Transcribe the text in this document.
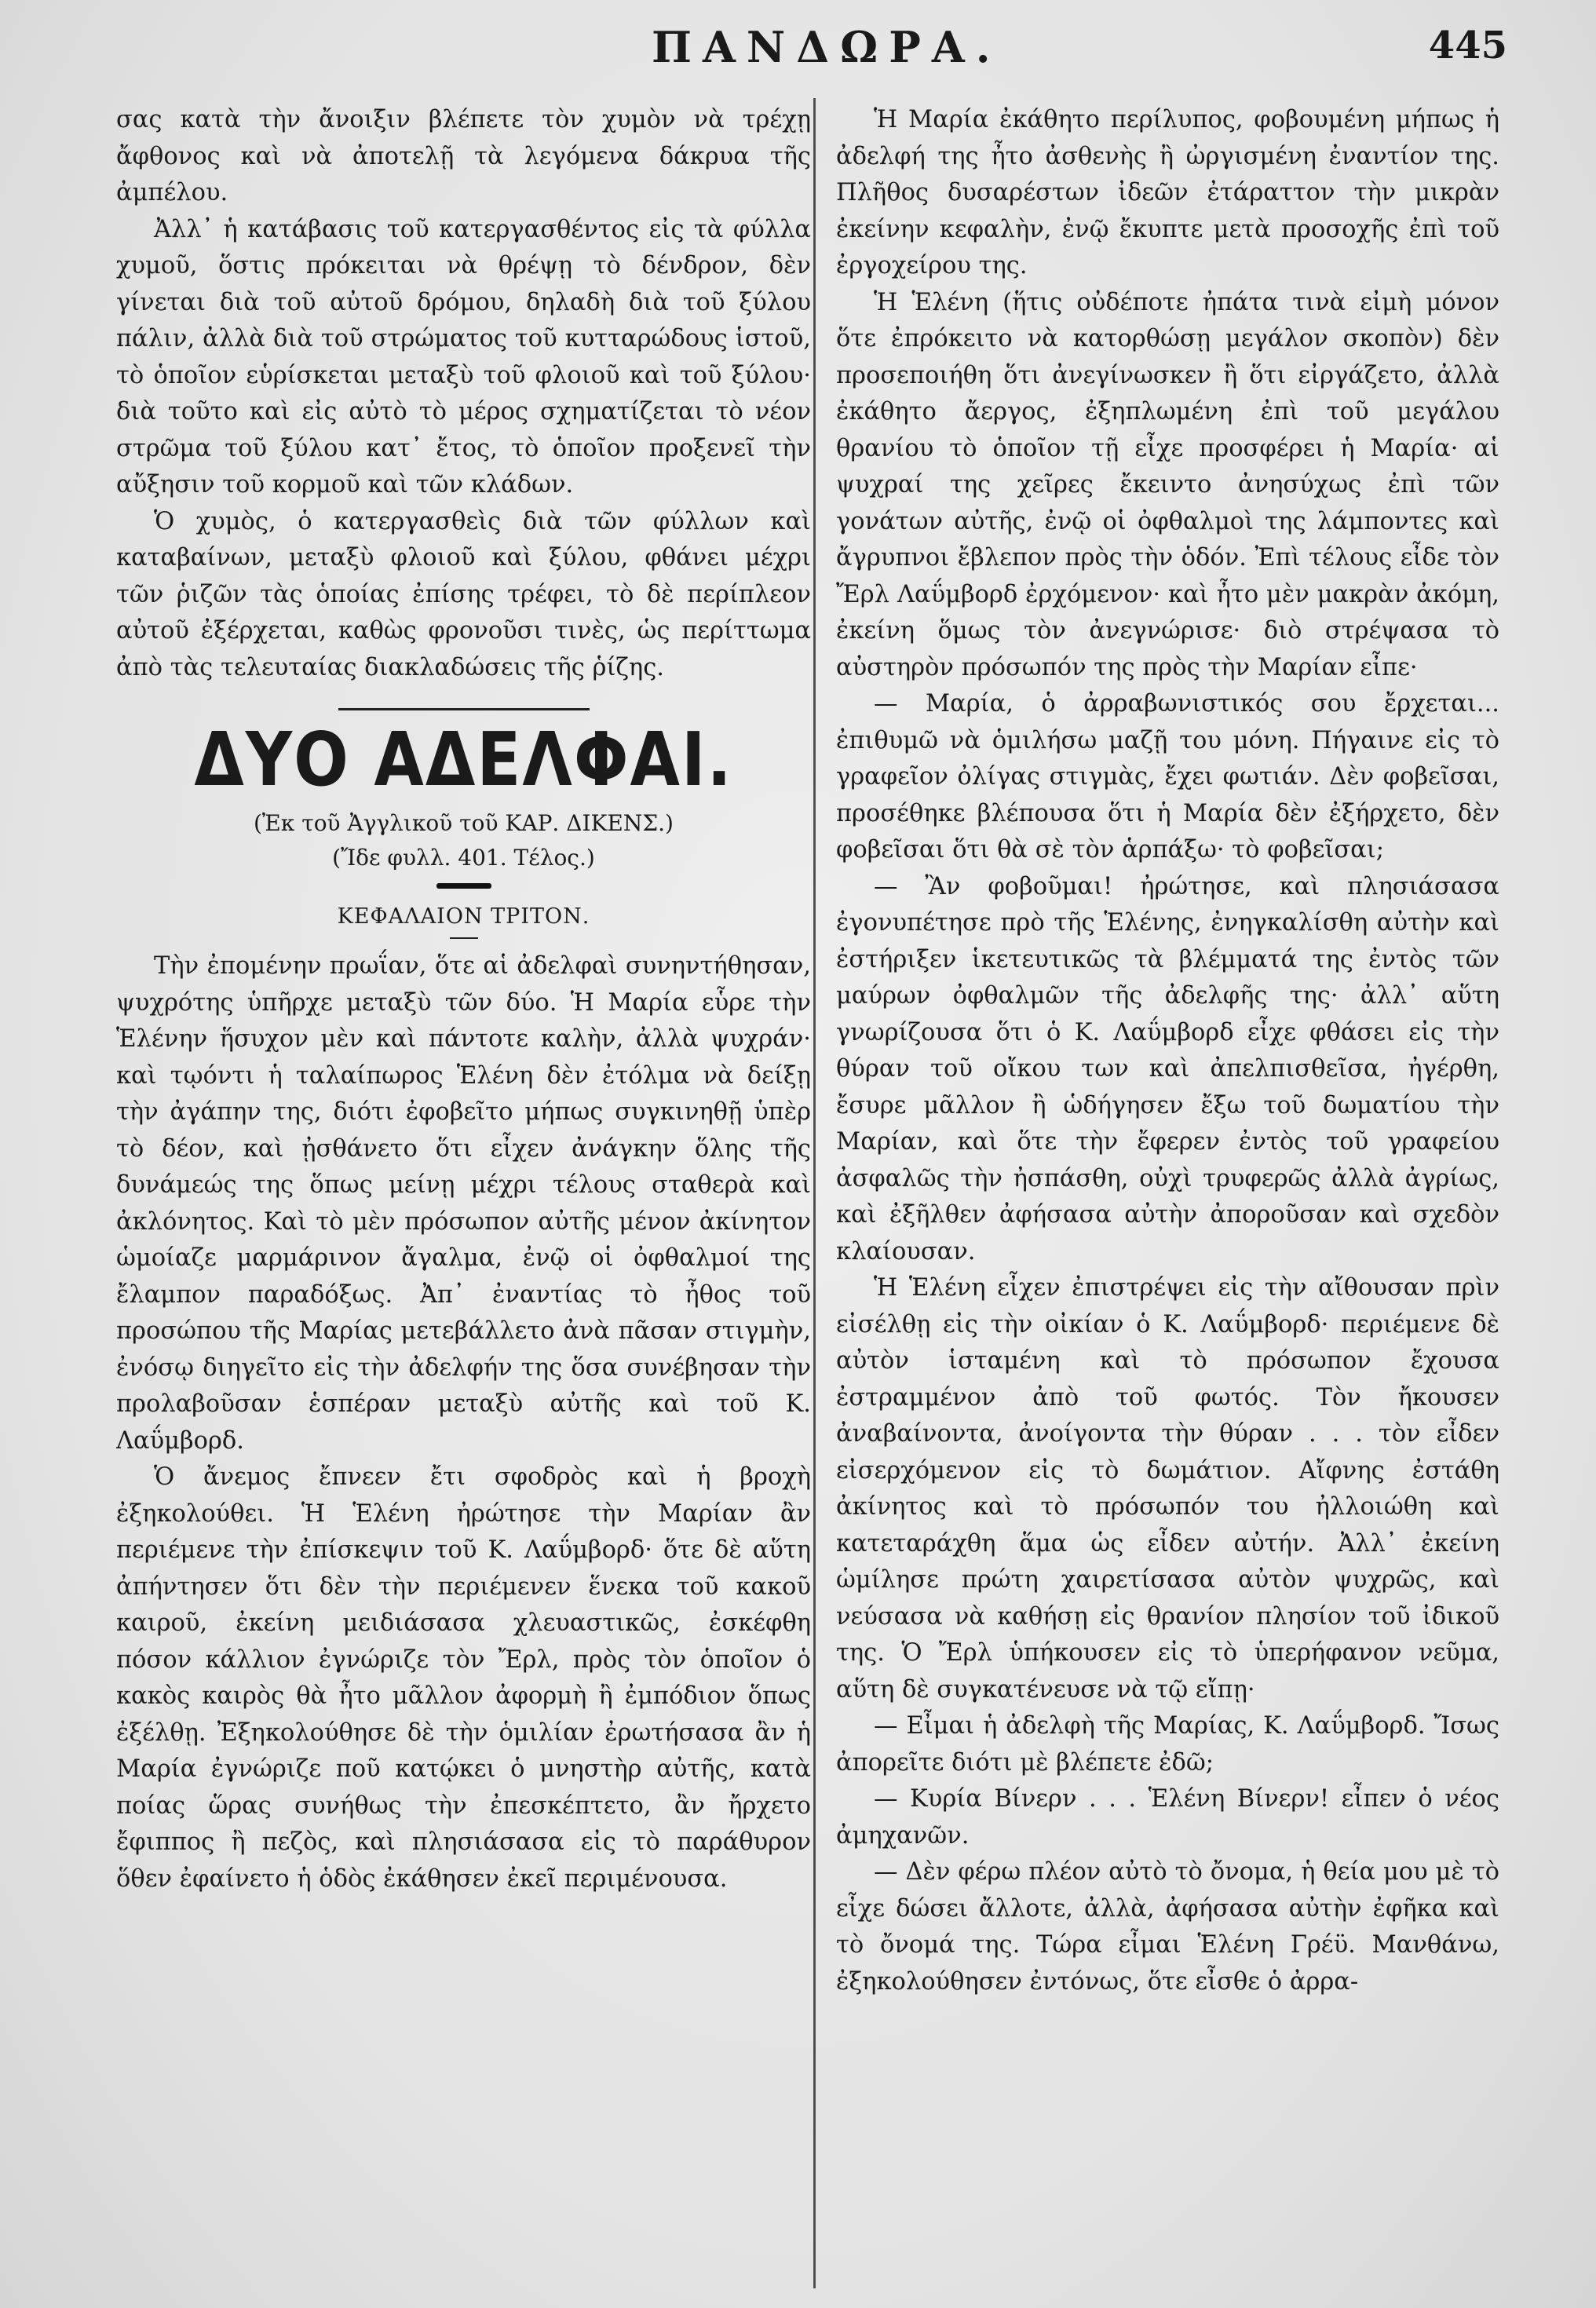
ΠΑΝΔΩΡΑ.	445

σας κατὰ τὴν ἄνοιξιν βλέπετε τὸν χυμὸν νὰ τρέχῃ ἄφθονος καὶ νὰ ἀποτελῇ τὰ λεγόμενα δάκρυα τῆς ἀμπέλου.

Ἀλλ᾿ ἡ κατάβασις τοῦ κατεργασθέντος εἰς τὰ φύλλα χυμοῦ, ὅστις πρόκειται νὰ θρέψῃ τὸ δένδρον, δὲν γίνεται διὰ τοῦ αὐτοῦ δρόμου, δηλαδὴ διὰ τοῦ ξύλου πάλιν, ἀλλὰ διὰ τοῦ στρώματος τοῦ κυτταρώδους ἱστοῦ, τὸ ὁποῖον εὑρίσκεται μεταξὺ τοῦ φλοιοῦ καὶ τοῦ ξύλου· διὰ τοῦτο καὶ εἰς αὐτὸ τὸ μέρος σχηματίζεται τὸ νέον στρῶμα τοῦ ξύλου κατ᾿ ἔτος, τὸ ὁποῖον προξενεῖ τὴν αὔξησιν τοῦ κορμοῦ καὶ τῶν κλάδων.

Ὁ χυμὸς, ὁ κατεργασθεὶς διὰ τῶν φύλλων καὶ καταβαίνων, μεταξὺ φλοιοῦ καὶ ξύλου, φθάνει μέχρι τῶν ῥιζῶν τὰς ὁποίας ἐπίσης τρέφει, τὸ δὲ περίπλεον αὐτοῦ ἐξέρχεται, καθὼς φρονοῦσι τινὲς, ὡς περίττωμα ἀπὸ τὰς τελευταίας διακλαδώσεις τῆς ῥίζης.

ΔΥΟ ΑΔΕΛΦΑΙ.

(Ἐκ τοῦ Ἀγγλικοῦ τοῦ ΚΑΡ. ΔΙΚΕΝΣ.)

(Ἴδε φυλλ. 401. Τέλος.)

ΚΕΦΑΛΑΙΟΝ ΤΡΙΤΟΝ.

Τὴν ἐπομένην πρωΐαν, ὅτε αἱ ἀδελφαὶ συνηντήθησαν, ψυχρότης ὑπῆρχε μεταξὺ τῶν δύο. Ἡ Μαρία εὗρε τὴν Ἑλένην ἥσυχον μὲν καὶ πάντοτε καλὴν, ἀλλὰ ψυχράν· καὶ τῳόντι ἡ ταλαίπωρος Ἑλένη δὲν ἐτόλμα νὰ δείξῃ τὴν ἀγάπην της, διότι ἐφοβεῖτο μήπως συγκινηθῇ ὑπὲρ τὸ δέον, καὶ ᾐσθάνετο ὅτι εἶχεν ἀνάγκην ὅλης τῆς δυνάμεώς της ὅπως μείνῃ μέχρι τέλους σταθερὰ καὶ ἀκλόνητος. Καὶ τὸ μὲν πρόσωπον αὐτῆς μένον ἀκίνητον ὡμοίαζε μαρμάρινον ἄγαλμα, ἐνῷ οἱ ὀφθαλμοί της ἔλαμπον παραδόξως. Ἀπ᾿ ἐναντίας τὸ ἦθος τοῦ προσώπου τῆς Μαρίας μετεβάλλετο ἀνὰ πᾶσαν στιγμὴν, ἐνόσῳ διηγεῖτο εἰς τὴν ἀδελφήν της ὅσα συνέβησαν τὴν προλαβοῦσαν ἑσπέραν μεταξὺ αὐτῆς καὶ τοῦ Κ. Λαΰμβορδ.

Ὁ ἄνεμος ἔπνεεν ἔτι σφοδρὸς καὶ ἡ βροχὴ ἐξηκολούθει. Ἡ Ἑλένη ἠρώτησε τὴν Μαρίαν ἂν περιέμενε τὴν ἐπίσκεψιν τοῦ Κ. Λαΰμβορδ· ὅτε δὲ αὕτη ἀπήντησεν ὅτι δὲν τὴν περιέμενεν ἕνεκα τοῦ κακοῦ καιροῦ, ἐκείνη μειδιάσασα χλευαστικῶς, ἐσκέφθη πόσον κάλλιον ἐγνώριζε τὸν Ἔρλ, πρὸς τὸν ὁποῖον ὁ κακὸς καιρὸς θὰ ἦτο μᾶλλον ἀφορμὴ ἢ ἐμπόδιον ὅπως ἐξέλθῃ. Ἐξηκολούθησε δὲ τὴν ὁμιλίαν ἐρωτήσασα ἂν ἡ Μαρία ἐγνώριζε ποῦ κατῴκει ὁ μνηστὴρ αὐτῆς, κατὰ ποίας ὥρας συνήθως τὴν ἐπεσκέπτετο, ἂν ἤρχετο ἔφιππος ἢ πεζὸς, καὶ πλησιάσασα εἰς τὸ παράθυρον ὅθεν ἐφαίνετο ἡ ὁδὸς ἐκάθησεν ἐκεῖ περιμένουσα.

Ἡ Μαρία ἐκάθητο περίλυπος, φοβουμένη μήπως ἡ ἀδελφή της ἦτο ἀσθενὴς ἢ ὠργισμένη ἐναντίον της. Πλῆθος δυσαρέστων ἰδεῶν ἐτάραττον τὴν μικρὰν ἐκείνην κεφαλὴν, ἐνῷ ἔκυπτε μετὰ προσοχῆς ἐπὶ τοῦ ἐργοχείρου της.

Ἡ Ἑλένη (ἥτις οὐδέποτε ἠπάτα τινὰ εἰμὴ μόνον ὅτε ἐπρόκειτο νὰ κατορθώσῃ μεγάλον σκοπὸν) δὲν προσεποιήθη ὅτι ἀνεγίνωσκεν ἢ ὅτι εἰργάζετο, ἀλλὰ ἐκάθητο ἄεργος, ἐξηπλωμένη ἐπὶ τοῦ μεγάλου θρανίου τὸ ὁποῖον τῇ εἶχε προσφέρει ἡ Μαρία· αἱ ψυχραί της χεῖρες ἔκειντο ἀνησύχως ἐπὶ τῶν γονάτων αὐτῆς, ἐνῷ οἱ ὀφθαλμοὶ της λάμποντες καὶ ἄγρυπνοι ἔβλεπον πρὸς τὴν ὁδόν. Ἐπὶ τέλους εἶδε τὸν Ἔρλ Λαΰμβορδ ἐρχόμενον· καὶ ἦτο μὲν μακρὰν ἀκόμη, ἐκείνη ὅμως τὸν ἀνεγνώρισε· διὸ στρέψασα τὸ αὐστηρὸν πρόσωπόν της πρὸς τὴν Μαρίαν εἶπε·

— Μαρία, ὁ ἀρραβωνιστικός σου ἔρχεται... ἐπιθυμῶ νὰ ὁμιλήσω μαζῇ του μόνη. Πήγαινε εἰς τὸ γραφεῖον ὀλίγας στιγμὰς, ἔχει φωτιάν. Δὲν φοβεῖσαι, προσέθηκε βλέπουσα ὅτι ἡ Μαρία δὲν ἐξήρχετο, δὲν φοβεῖσαι ὅτι θὰ σὲ τὸν ἁρπάξω· τὸ φοβεῖσαι;

— Ἂν φοβοῦμαι! ἠρώτησε, καὶ πλησιάσασα ἐγονυπέτησε πρὸ τῆς Ἑλένης, ἐνηγκαλίσθη αὐτὴν καὶ ἐστήριξεν ἱκετευτικῶς τὰ βλέμματά της ἐντὸς τῶν μαύρων ὀφθαλμῶν τῆς ἀδελφῆς της· ἀλλ᾿ αὕτη γνωρίζουσα ὅτι ὁ Κ. Λαΰμβορδ εἶχε φθάσει εἰς τὴν θύραν τοῦ οἴκου των καὶ ἀπελπισθεῖσα, ἠγέρθη, ἔσυρε μᾶλλον ἢ ὡδήγησεν ἔξω τοῦ δωματίου τὴν Μαρίαν, καὶ ὅτε τὴν ἔφερεν ἐντὸς τοῦ γραφείου ἀσφαλῶς τὴν ἠσπάσθη, οὐχὶ τρυφερῶς ἀλλὰ ἀγρίως, καὶ ἐξῆλθεν ἀφήσασα αὐτὴν ἀποροῦσαν καὶ σχεδὸν κλαίουσαν.

Ἡ Ἑλένη εἶχεν ἐπιστρέψει εἰς τὴν αἴθουσαν πρὶν εἰσέλθῃ εἰς τὴν οἰκίαν ὁ Κ. Λαΰμβορδ· περιέμενε δὲ αὐτὸν ἱσταμένη καὶ τὸ πρόσωπον ἔχουσα ἐστραμμένον ἀπὸ τοῦ φωτός. Τὸν ἤκουσεν ἀναβαίνοντα, ἀνοίγοντα τὴν θύραν . . . τὸν εἶδεν εἰσερχόμενον εἰς τὸ δωμάτιον. Αἴφνης ἐστάθη ἀκίνητος καὶ τὸ πρόσωπόν του ἠλλοιώθη καὶ κατεταράχθη ἅμα ὡς εἶδεν αὐτήν. Ἀλλ᾿ ἐκείνη ὡμίλησε πρώτη χαιρετίσασα αὐτὸν ψυχρῶς, καὶ νεύσασα νὰ καθήσῃ εἰς θρανίον πλησίον τοῦ ἰδικοῦ της. Ὁ Ἔρλ ὑπήκουσεν εἰς τὸ ὑπερήφανον νεῦμα, αὕτη δὲ συγκατένευσε νὰ τῷ εἴπῃ·

— Εἶμαι ἡ ἀδελφὴ τῆς Μαρίας, Κ. Λαΰμβορδ. Ἴσως ἀπορεῖτε διότι μὲ βλέπετε ἐδῶ;

— Κυρία Βίνερν . . . Ἑλένη Βίνερν! εἶπεν ὁ νέος ἀμηχανῶν.

— Δὲν φέρω πλέον αὐτὸ τὸ ὄνομα, ἡ θεία μου μὲ τὸ εἶχε δώσει ἄλλοτε, ἀλλὰ, ἀφήσασα αὐτὴν ἐφῆκα καὶ τὸ ὄνομά της. Τώρα εἶμαι Ἑλένη Γρέϋ. Μανθάνω, ἐξηκολούθησεν ἐντόνως, ὅτε εἶσθε ὁ ἀρρα-
